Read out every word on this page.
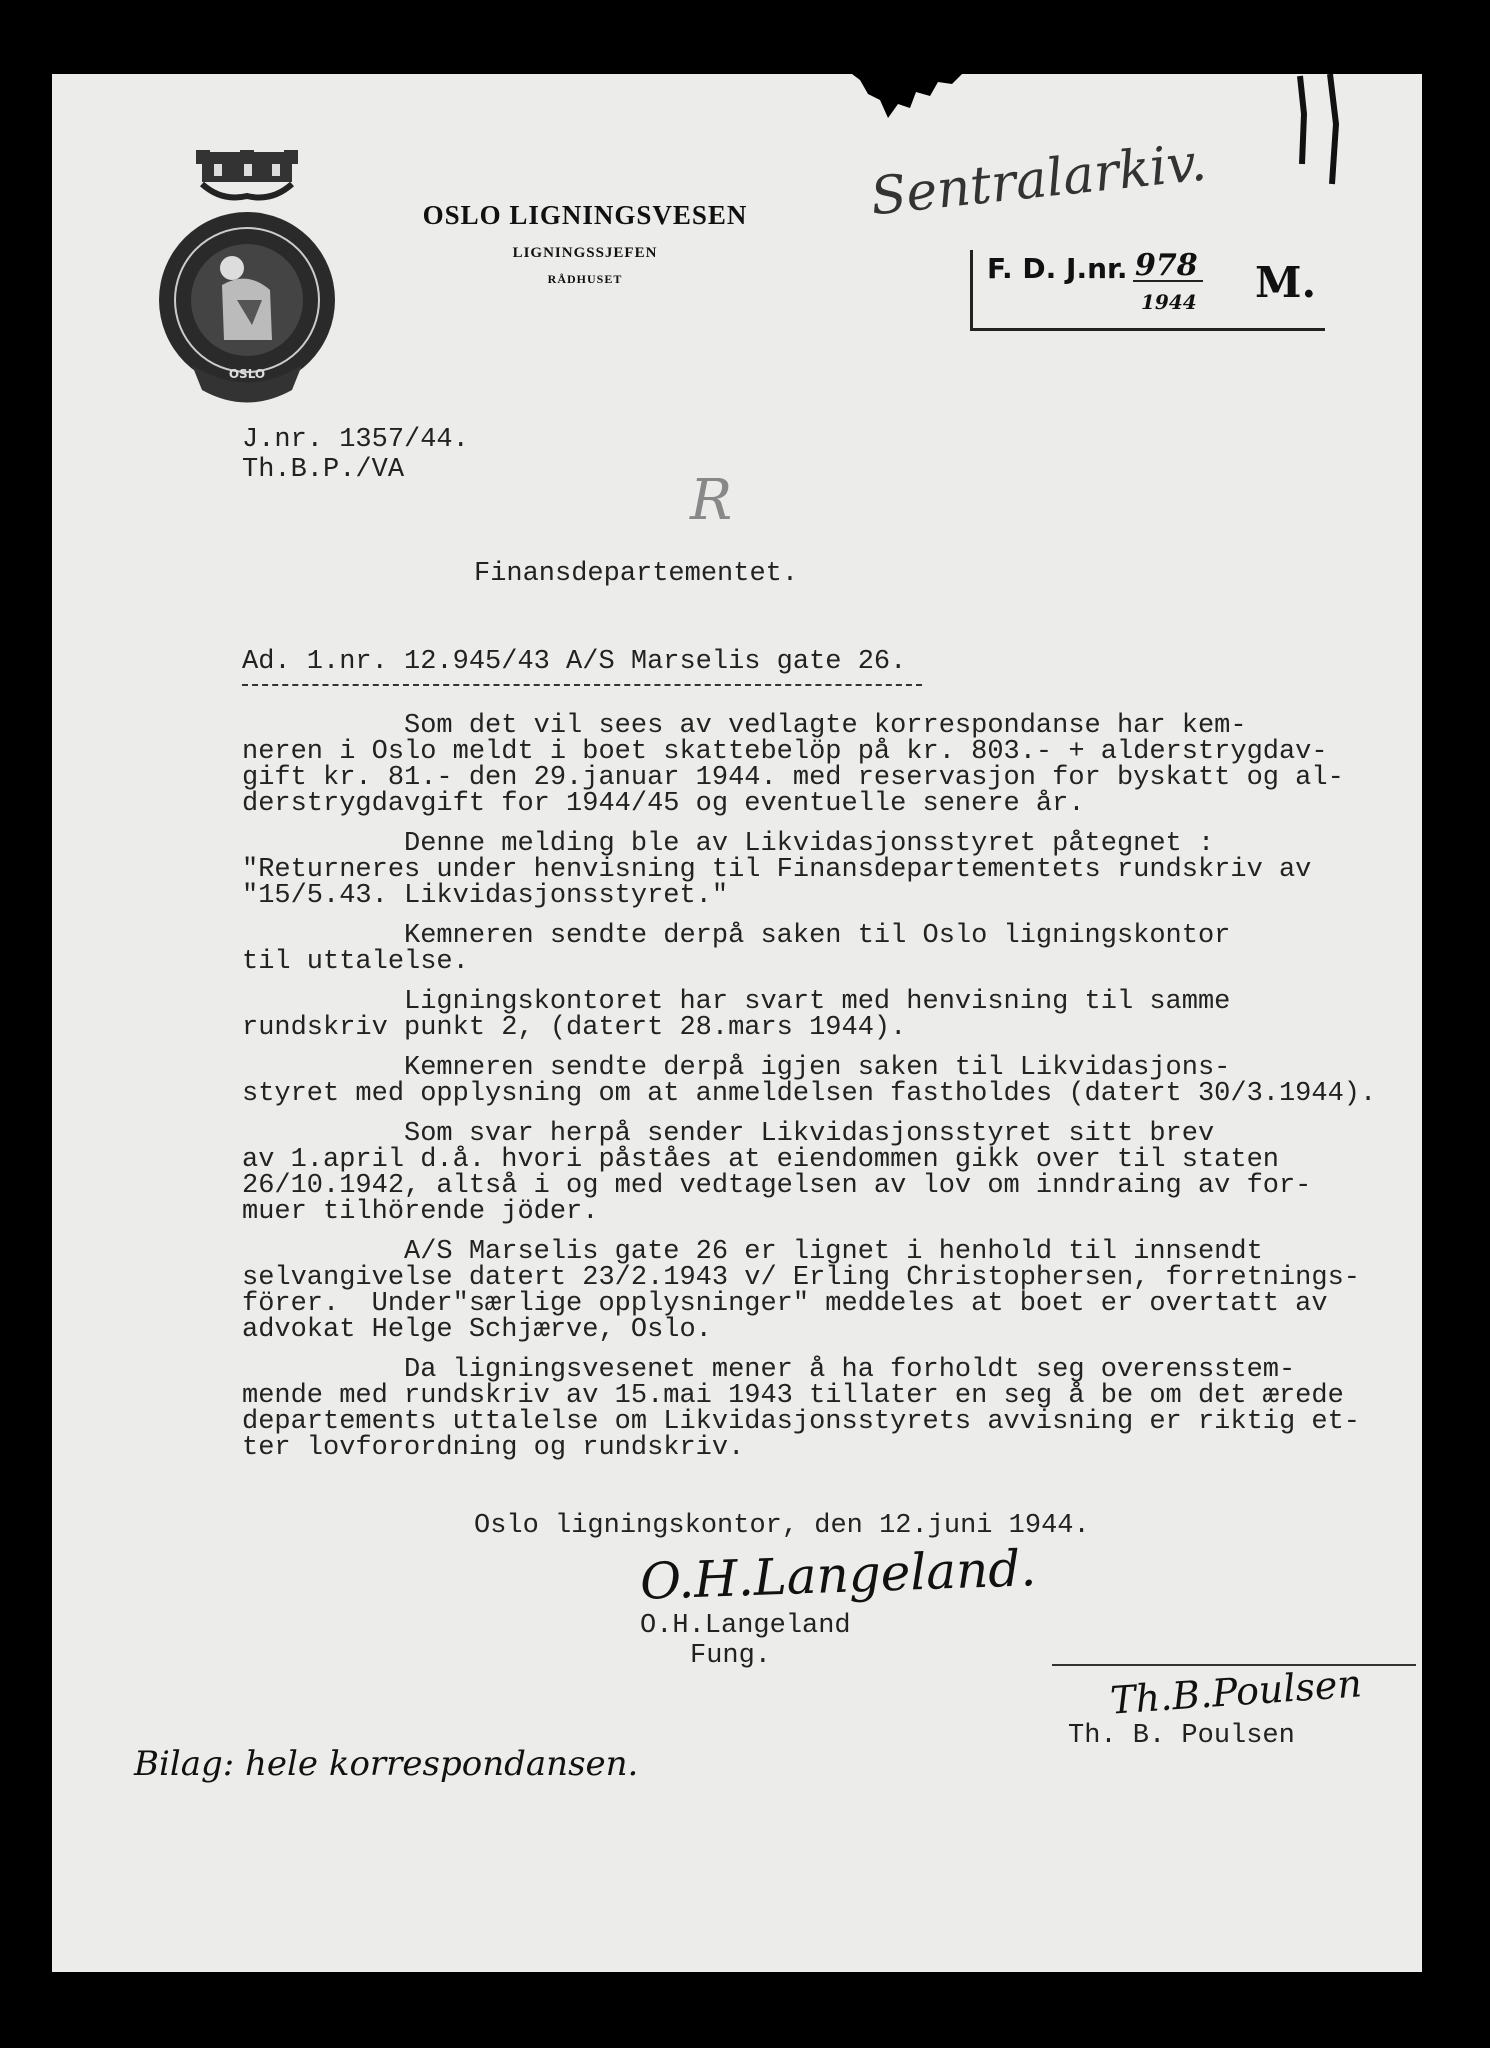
OSLO
OSLO LIGNINGSVESEN
LIGNINGSSJEFEN
RÅDHUSET
Sentralarkiv.
F. D. J.nr. 978
1944 M.
J.nr. 1357/44.
Th.B.P./VA	R
Finansdepartementet.
Ad. 1.nr. 12.945/43 A/S Marselis gate 26.
Som det vil sees av vedlagte korrespondanse har kem-
neren i Oslo meldt i boet skattebelöp på kr. 803.- + alderstrygdav-
gift kr. 81.- den 29.januar 1944. med reservasjon for byskatt og al-
derstrygdavgift for 1944/45 og eventuelle senere år.
Denne melding ble av Likvidasjonsstyret påtegnet :
"Returneres under henvisning til Finansdepartementets rundskriv av
"15/5.43. Likvidasjonsstyret."
Kemneren sendte derpå saken til Oslo ligningskontor
til uttalelse.
Ligningskontoret har svart med henvisning til samme
rundskriv punkt 2, (datert 28.mars 1944).
Kemneren sendte derpå igjen saken til Likvidasjons-
styret med opplysning om at anmeldelsen fastholdes (datert 30/3.1944).
Som svar herpå sender Likvidasjonsstyret sitt brev
av 1.april d.å. hvori påståes at eiendommen gikk over til staten
26/10.1942, altså i og med vedtagelsen av lov om inndraing av for-
muer tilhörende jöder.
A/S Marselis gate 26 er lignet i henhold til innsendt
selvangivelse datert 23/2.1943 v/ Erling Christophersen, forretnings-
förer.  Under"særlige opplysninger" meddeles at boet er overtatt av
advokat Helge Schjærve, Oslo.
Da ligningsvesenet mener å ha forholdt seg overensstem-
mende med rundskriv av 15.mai 1943 tillater en seg å be om det ærede
departements uttalelse om Likvidasjonsstyrets avvisning er riktig et-
ter lovforordning og rundskriv.
Oslo ligningskontor, den 12.juni 1944.
O.H.Langeland.
O.H.Langeland
Fung.
Th.B.Poulsen
Th. B. Poulsen
Bilag: hele korrespondansen.
